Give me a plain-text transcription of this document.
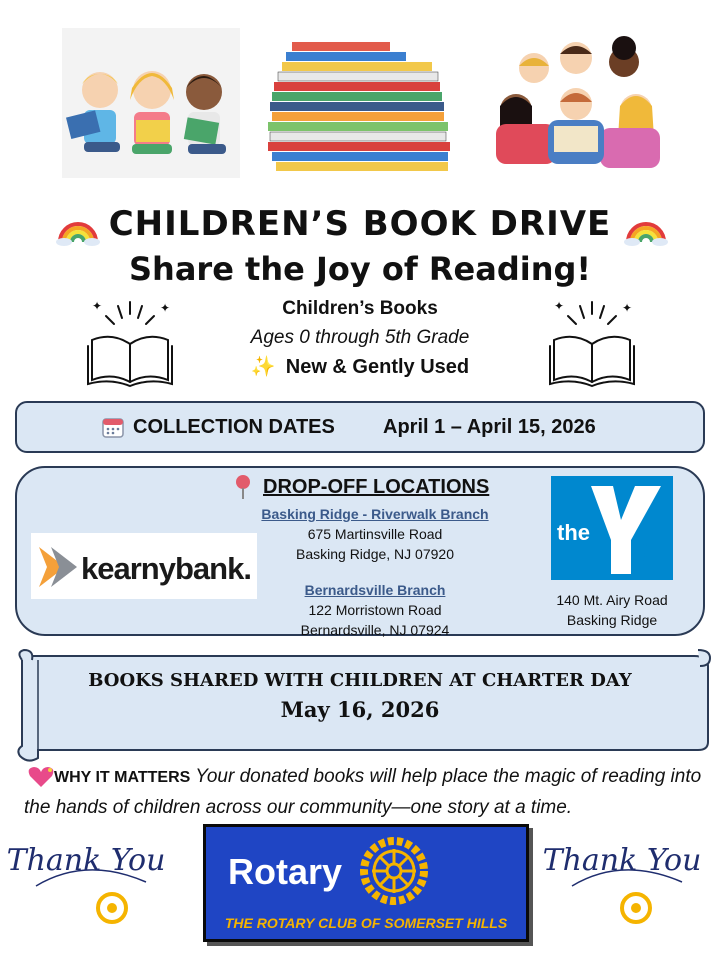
CHILDREN’S BOOK DRIVE
Share the Joy of Reading!
✦	✦	✦	✦
Children’s Books
Ages 0 through 5th Grade
✨ New & Gently Used
COLLECTION DATES April 1 – April 15, 2026
DROP-OFF LOCATIONS
kearnybank.
Basking Ridge - Riverwalk Branch
675 Martinsville Road
Basking Ridge, NJ 07920
Bernardsville Branch
122 Morristown Road
Bernardsville, NJ 07924
the
YMCA
140 Mt. Airy Road
Basking Ridge
BOOKS SHARED WITH CHILDREN AT CHARTER DAY
May 16, 2026
WHY IT MATTERS Your donated books will help place the magic of reading into the hands of children across our community—one story at a time.
Thank You Rotary
THE ROTARY CLUB OF SOMERSET HILLS
Thank You
